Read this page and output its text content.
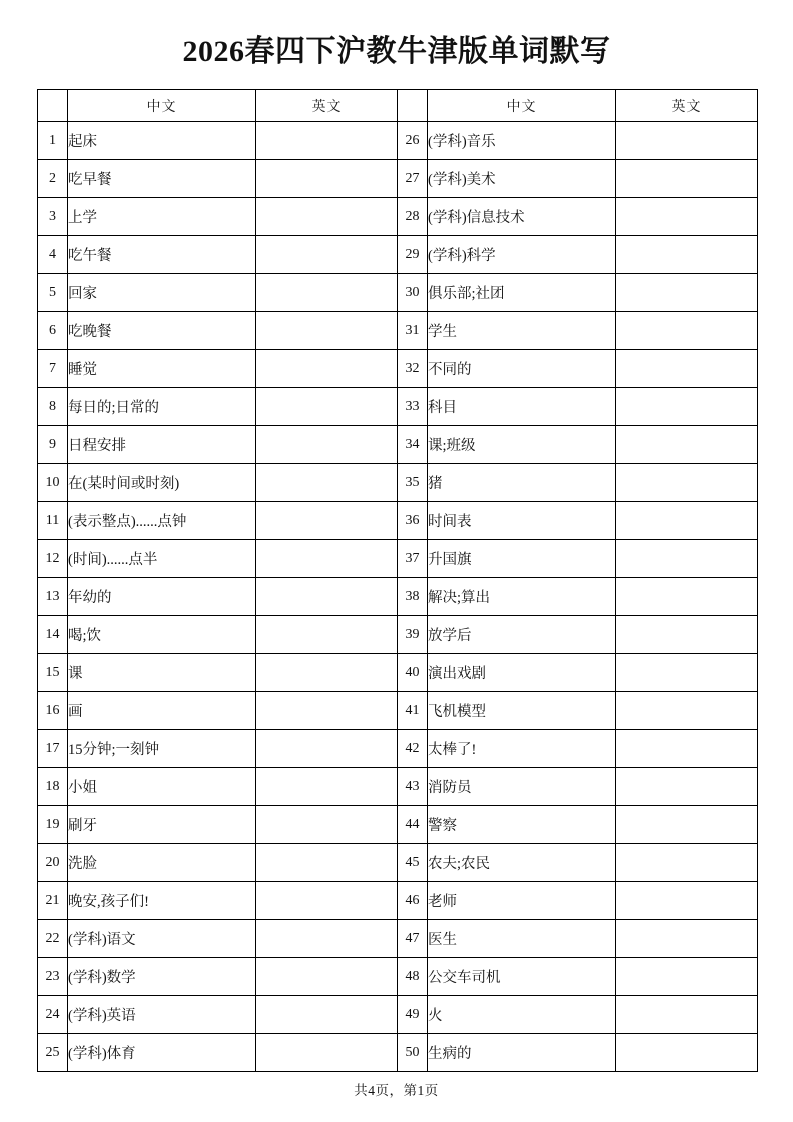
2026春四下沪教牛津版单词默写
	中文	英文		中文	英文
1	起床		26	(学科)音乐	
2	吃早餐		27	(学科)美术	
3	上学		28	(学科)信息技术	
4	吃午餐		29	(学科)科学	
5	回家		30	俱乐部;社团	
6	吃晚餐		31	学生	
7	睡觉		32	不同的	
8	每日的;日常的		33	科目	
9	日程安排		34	课;班级	
10	在(某时间或时刻)		35	猪	
11	(表示整点)......点钟		36	时间表	
12	(时间)......点半		37	升国旗	
13	年幼的		38	解决;算出	
14	喝;饮		39	放学后	
15	课		40	演出戏剧	
16	画		41	飞机模型	
17	15分钟;一刻钟		42	太棒了!	
18	小姐		43	消防员	
19	刷牙		44	警察	
20	洗脸		45	农夫;农民	
21	晚安,孩子们!		46	老师	
22	(学科)语文		47	医生	
23	(学科)数学		48	公交车司机	
24	(学科)英语		49	火	
25	(学科)体育		50	生病的	
共4页，第1页
